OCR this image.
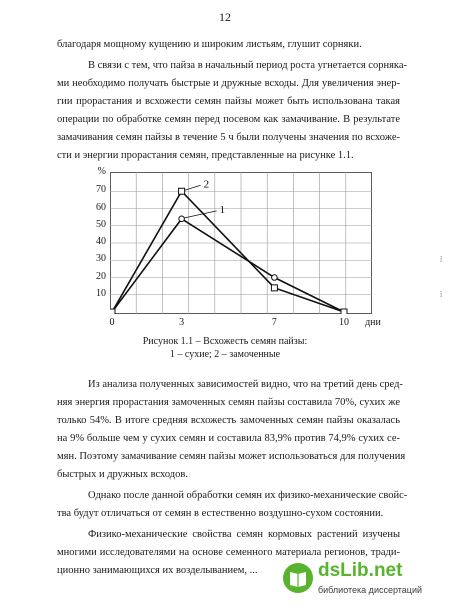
12
благодаря мощному кущению и широким листьям, глушит сорняки.
В связи с тем, что пайза в начальный период роста угнетается сорняка-
ми необходимо получать быстрые и дружные всходы. Для увеличения энер-
гии прорастания и всхожести семян пайзы может быть использована такая
операции по обработке семян перед посевом как замачивание. В результате
замачивания семян пайзы в течение 5 ч были получены значения по всхоже-
сти и энергии прорастания семян, представленные на рисунке 1.1.
%
10
20
30
40
50
60
70
1
2
0	3	7	10	дни
Рисунок 1.1 – Всхожесть семян пайзы:
1 – сухие; 2 – замоченные
Из анализа полученных зависимостей видно, что на третий день сред-
няя энергия прорастания замоченных семян пайзы составила 70%, сухих же
только 54%. В итоге средняя всхожесть замоченных семян пайзы оказалась
на 9% больше чем у сухих семян и составила 83,9% против 74,9% сухих се-
мян. Поэтому замачивание семян пайзы может использоваться для получения
быстрых и дружных всходов.
Однако после данной обработки семян их физико-механические свойс-
тва будут отличаться от семян в естественно воздушно-сухом состоянии.
Физико-механические свойства семян кормовых растений изучены
многими исследователями на основе семенного материала регионов, тради-
ционно занимающихся их возделыванием, ...
⁞
⁞
dsLib.net
библиотека диссертаций
